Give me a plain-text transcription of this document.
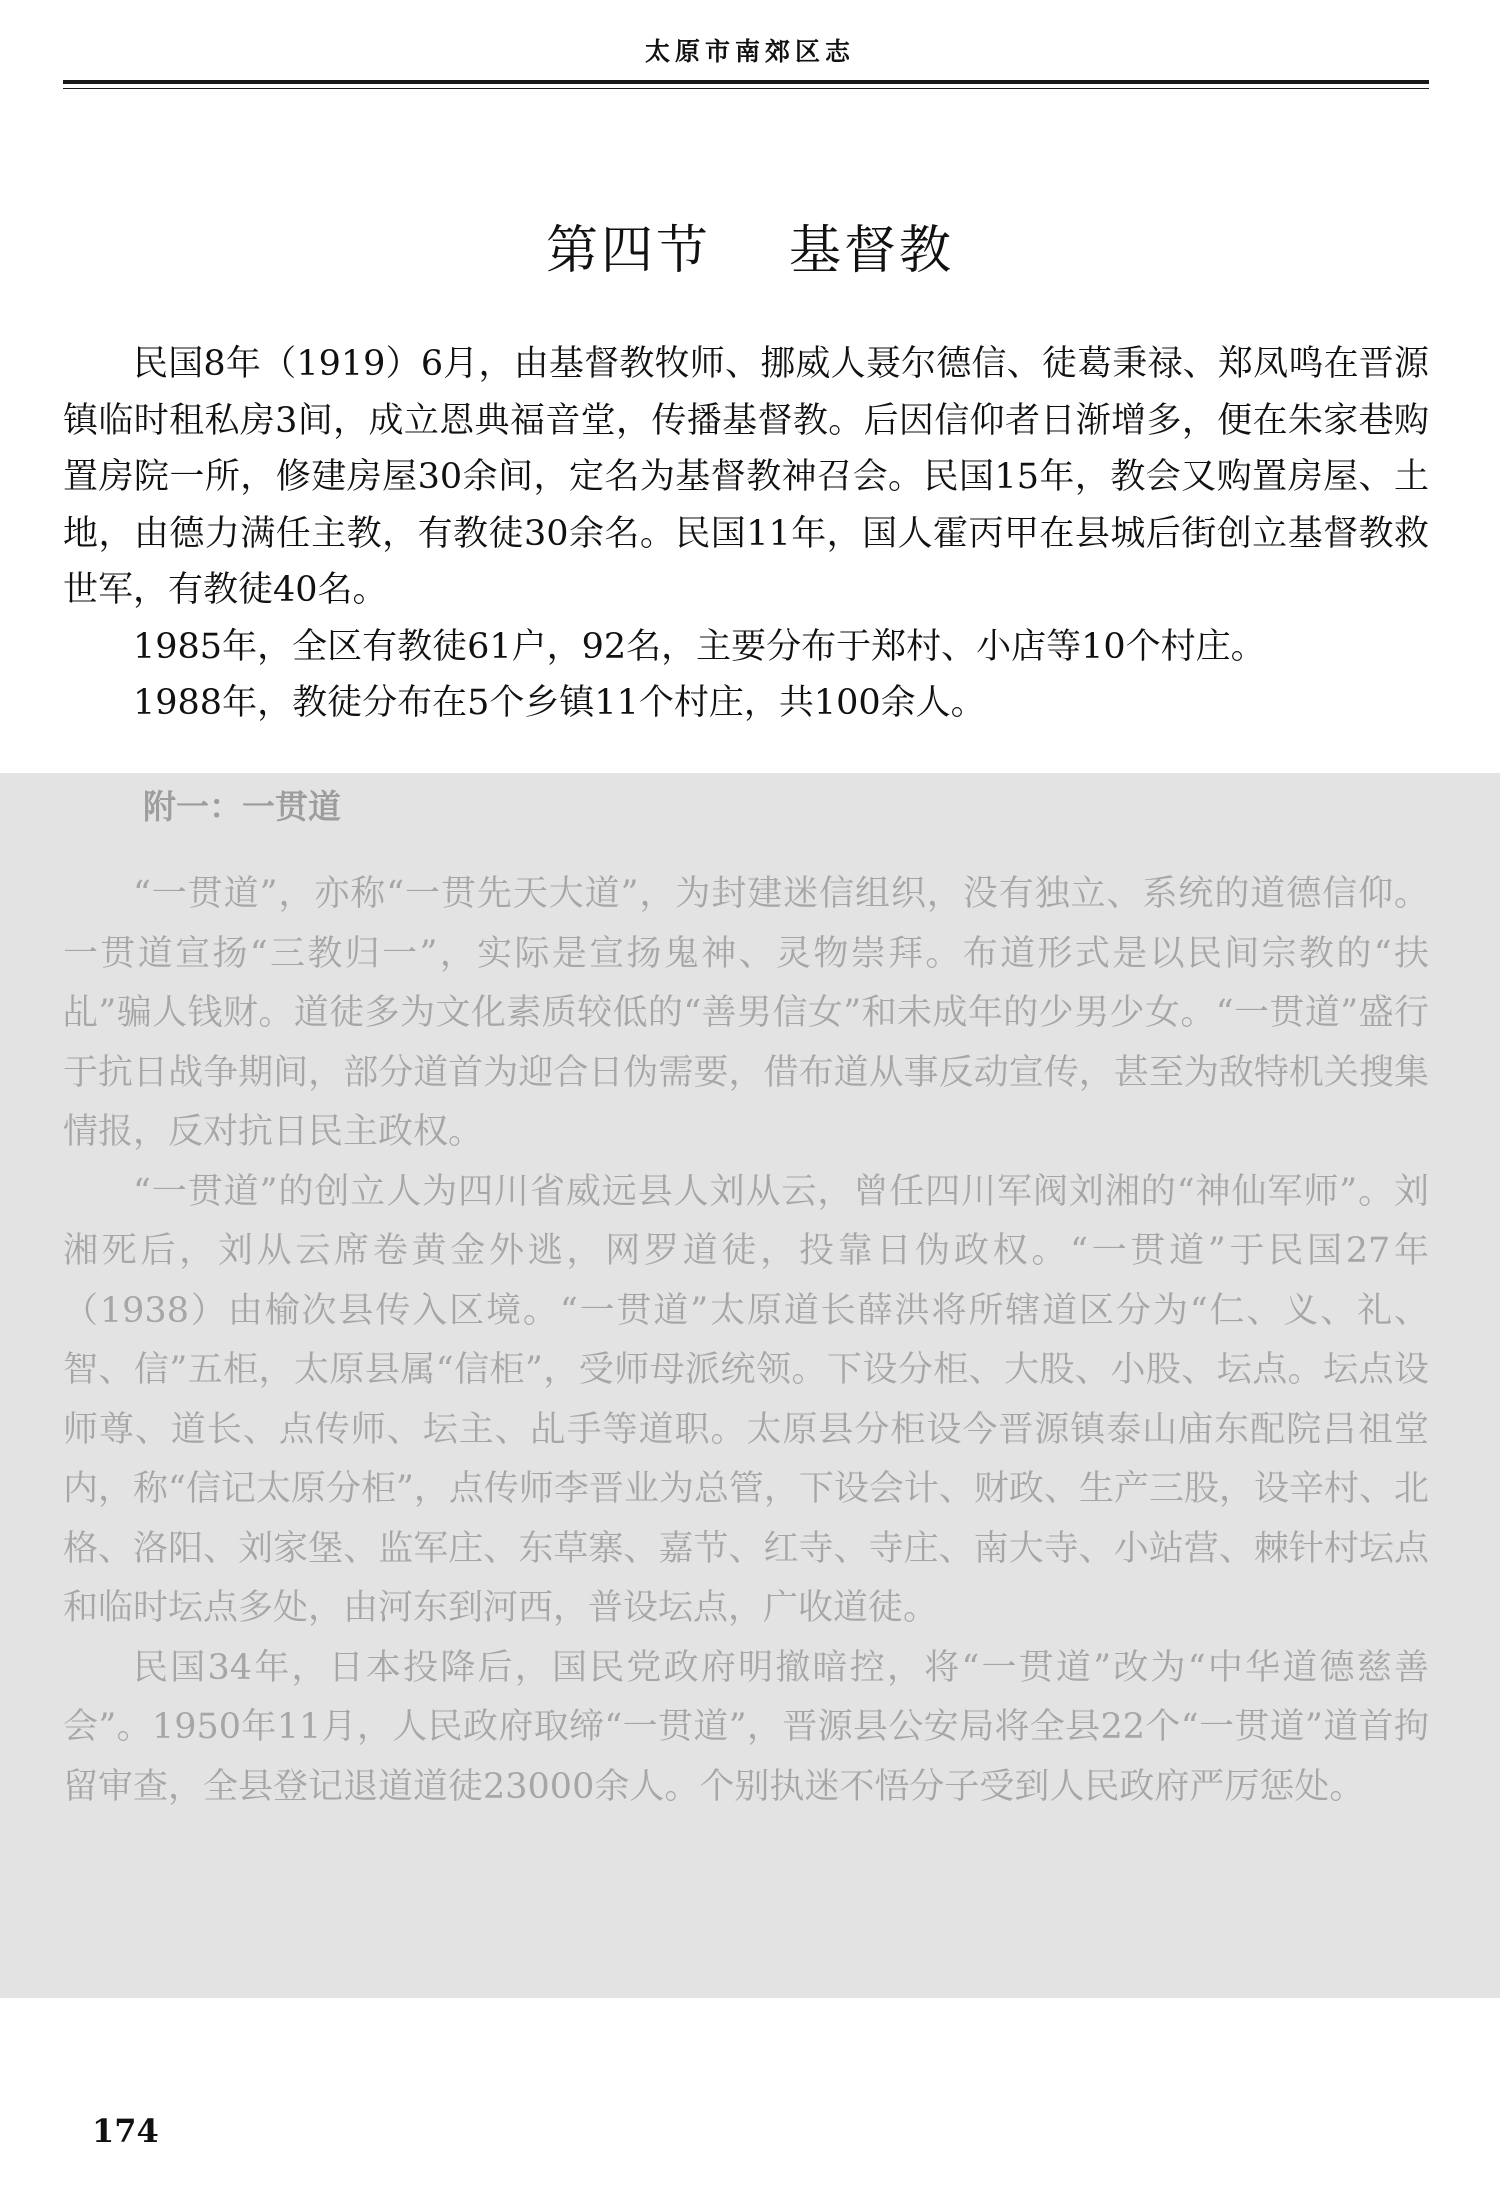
太原市南郊区志
第四节    基督教

民国8年（1919）6月，由基督教牧师、挪威人聂尔德信、徒葛秉禄、郑凤鸣在晋源镇临时租私房3间，成立恩典福音堂，传播基督教。后因信仰者日渐增多，便在朱家巷购置房院一所，修建房屋30余间，定名为基督教神召会。民国15年，教会又购置房屋、土地，由德力满任主教，有教徒30余名。民国11年，国人霍丙甲在县城后街创立基督教救世军，有教徒40名。

1985年，全区有教徒61户，92名，主要分布于郑村、小店等10个村庄。

1988年，教徒分布在5个乡镇11个村庄，共100余人。

附一：一贯道

“一贯道”，亦称“一贯先天大道”，为封建迷信组织，没有独立、系统的道德信仰。一贯道宣扬“三教归一”，实际是宣扬鬼神、灵物崇拜。布道形式是以民间宗教的“扶乩”骗人钱财。道徒多为文化素质较低的“善男信女”和未成年的少男少女。“一贯道”盛行于抗日战争期间，部分道首为迎合日伪需要，借布道从事反动宣传，甚至为敌特机关搜集情报，反对抗日民主政权。

“一贯道”的创立人为四川省威远县人刘从云，曾任四川军阀刘湘的“神仙军师”。刘湘死后，刘从云席卷黄金外逃，网罗道徒，投靠日伪政权。“一贯道”于民国27年（1938）由榆次县传入区境。“一贯道”太原道长薛洪将所辖道区分为“仁、义、礼、智、信”五柜，太原县属“信柜”，受师母派统领。下设分柜、大股、小股、坛点。坛点设师尊、道长、点传师、坛主、乩手等道职。太原县分柜设今晋源镇泰山庙东配院吕祖堂内，称“信记太原分柜”，点传师李晋业为总管，下设会计、财政、生产三股，设辛村、北格、洛阳、刘家堡、监军庄、东草寨、嘉节、红寺、寺庄、南大寺、小站营、棘针村坛点和临时坛点多处，由河东到河西，普设坛点，广收道徒。

民国34年，日本投降后，国民党政府明撤暗控，将“一贯道”改为“中华道德慈善会”。1950年11月，人民政府取缔“一贯道”，晋源县公安局将全县22个“一贯道”道首拘留审查，全县登记退道道徒23000余人。个别执迷不悟分子受到人民政府严厉惩处。

174
